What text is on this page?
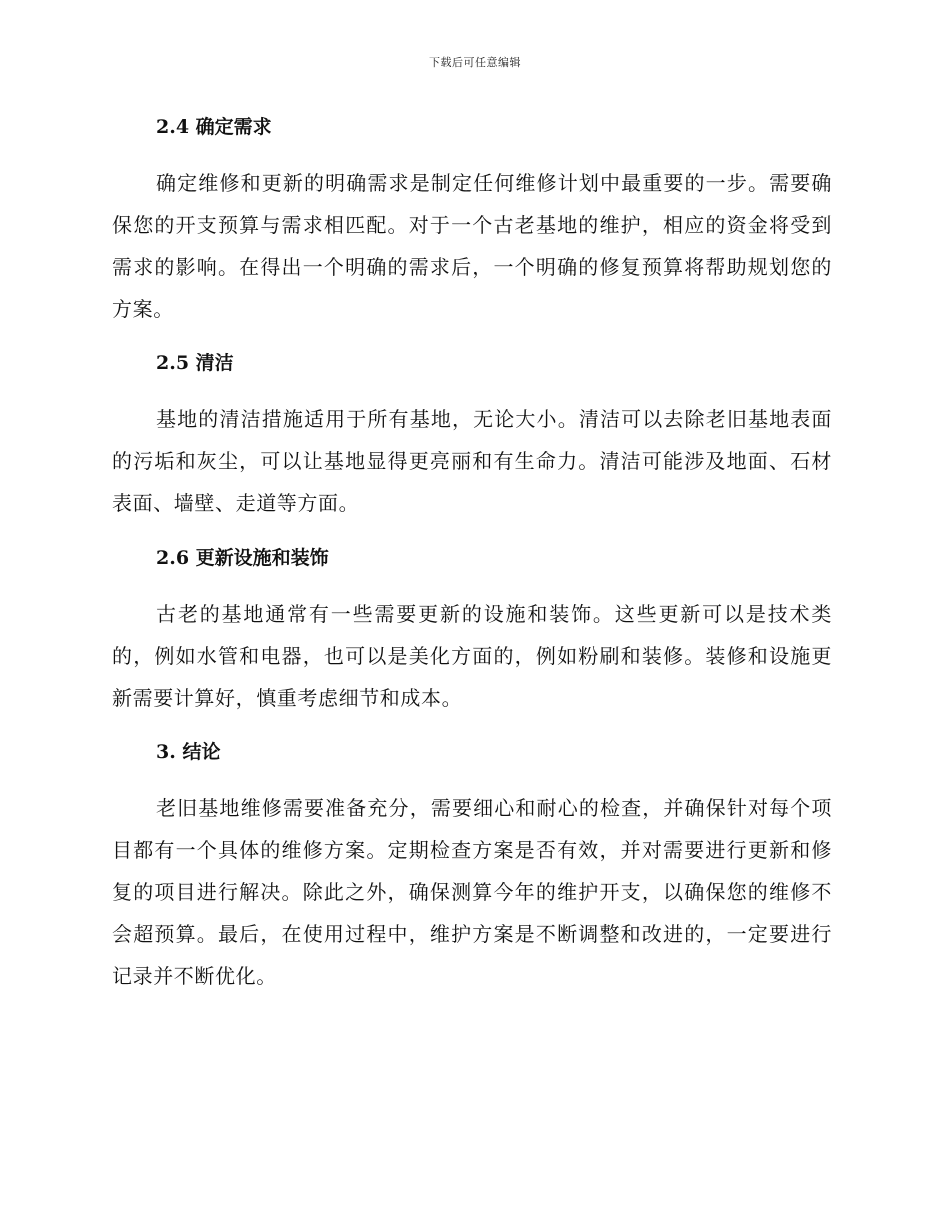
下载后可任意编辑
2.4 确定需求

确定维修和更新的明确需求是制定任何维修计划中最重要的一步。需要确保您的开支预算与需求相匹配。对于一个古老基地的维护，相应的资金将受到需求的影响。在得出一个明确的需求后，一个明确的修复预算将帮助规划您的方案。

2.5 清洁

基地的清洁措施适用于所有基地，无论大小。清洁可以去除老旧基地表面的污垢和灰尘，可以让基地显得更亮丽和有生命力。清洁可能涉及地面、石材表面、墙壁、走道等方面。

2.6 更新设施和装饰

古老的基地通常有一些需要更新的设施和装饰。这些更新可以是技术类的，例如水管和电器，也可以是美化方面的，例如粉刷和装修。装修和设施更新需要计算好，慎重考虑细节和成本。

3. 结论

老旧基地维修需要准备充分，需要细心和耐心的检查，并确保针对每个项目都有一个具体的维修方案。定期检查方案是否有效，并对需要进行更新和修复的项目进行解决。除此之外，确保测算今年的维护开支，以确保您的维修不会超预算。最后，在使用过程中，维护方案是不断调整和改进的，一定要进行记录并不断优化。
